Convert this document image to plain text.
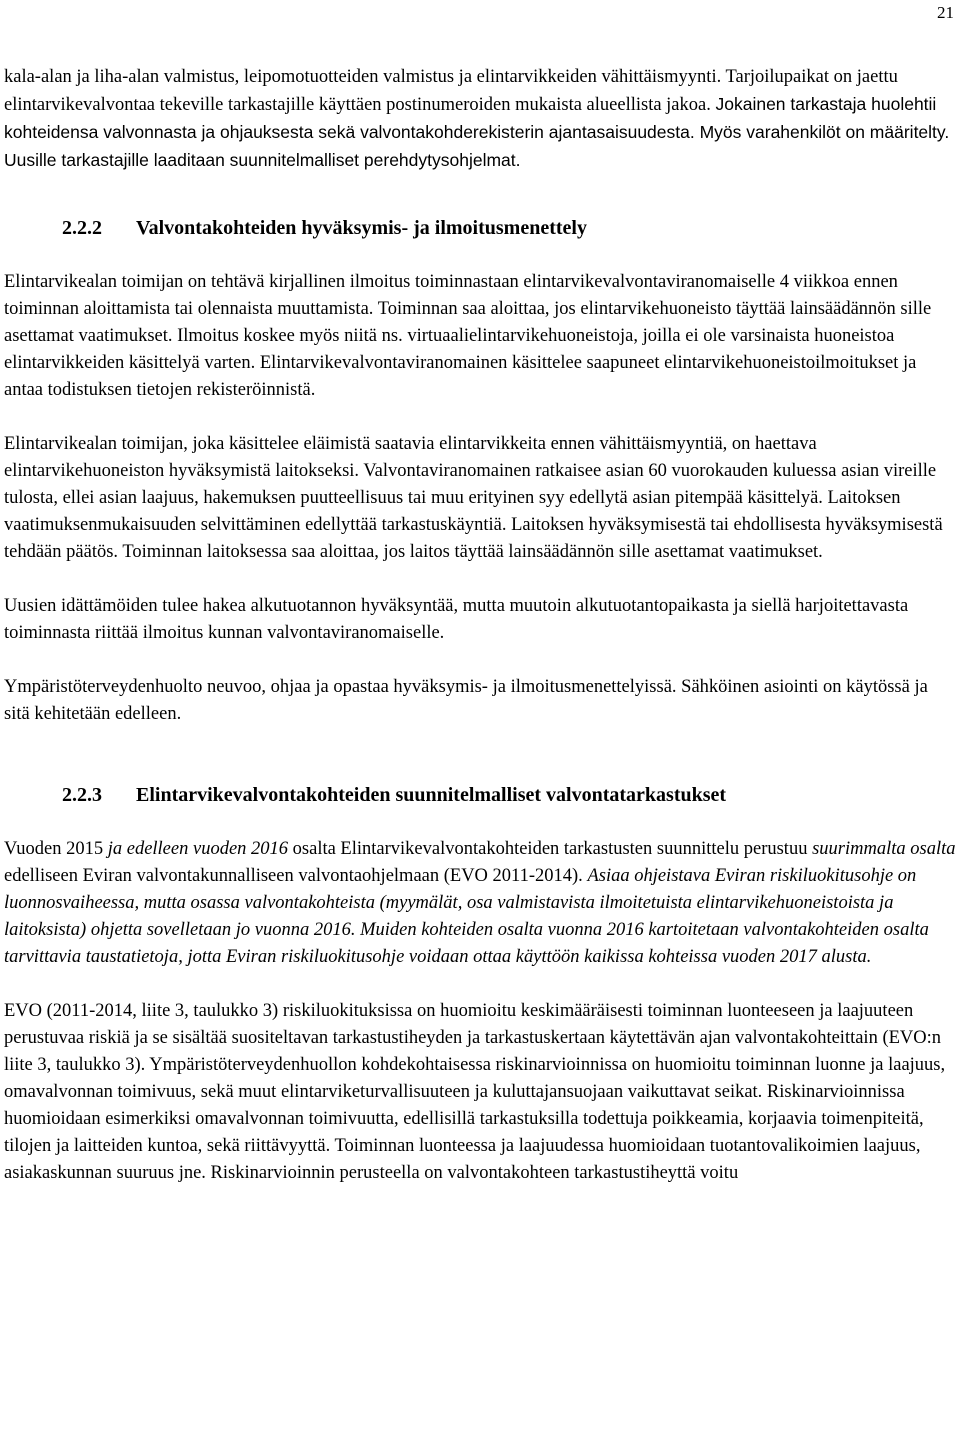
21

kala-alan ja liha-alan valmistus, leipomotuotteiden valmistus ja elintarvikkeiden vähittäismyynti. Tarjoilupaikat on jaettu elintarvikevalvontaa tekeville tarkastajille käyttäen postinumeroiden mukaista alueellista jakoa. Jokainen tarkastaja huolehtii kohteidensa valvonnasta ja ohjauksesta sekä valvontakohderekisterin ajantasaisuudesta. Myös varahenkilöt on määritelty. Uusille tarkastajille laaditaan suunnitelmalliset perehdytysohjelmat.

2.2.2 Valvontakohteiden hyväksymis- ja ilmoitusmenettely

Elintarvikealan toimijan on tehtävä kirjallinen ilmoitus toiminnastaan elintarvikevalvontaviranomaiselle 4 viikkoa ennen toiminnan aloittamista tai olennaista muuttamista. Toiminnan saa aloittaa, jos elintarvikehuoneisto täyttää lainsäädännön sille asettamat vaatimukset. Ilmoitus koskee myös niitä ns. virtuaalielintarvikehuoneistoja, joilla ei ole varsinaista huoneistoa elintarvikkeiden käsittelyä varten. Elintarvikevalvontaviranomainen käsittelee saapuneet elintarvikehuoneistoilmoitukset ja antaa todistuksen tietojen rekisteröinnistä.

Elintarvikealan toimijan, joka käsittelee eläimistä saatavia elintarvikkeita ennen vähittäismyyntiä, on haettava elintarvikehuoneiston hyväksymistä laitokseksi. Valvontaviranomainen ratkaisee asian 60 vuorokauden kuluessa asian vireille tulosta, ellei asian laajuus, hakemuksen puutteellisuus tai muu erityinen syy edellytä asian pitempää käsittelyä. Laitoksen vaatimuksenmukaisuuden selvittäminen edellyttää tarkastuskäyntiä. Laitoksen hyväksymisestä tai ehdollisesta hyväksymisestä tehdään päätös. Toiminnan laitoksessa saa aloittaa, jos laitos täyttää lainsäädännön sille asettamat vaatimukset.

Uusien idättämöiden tulee hakea alkutuotannon hyväksyntää, mutta muutoin alkutuotantopaikasta ja siellä harjoitettavasta toiminnasta riittää ilmoitus kunnan valvontaviranomaiselle.

Ympäristöterveydenhuolto neuvoo, ohjaa ja opastaa hyväksymis- ja ilmoitusmenettelyissä. Sähköinen asiointi on käytössä ja sitä kehitetään edelleen.

2.2.3 Elintarvikevalvontakohteiden suunnitelmalliset valvontatarkastukset

Vuoden 2015 ja edelleen vuoden 2016 osalta Elintarvikevalvontakohteiden tarkastusten suunnittelu perustuu suurimmalta osalta edelliseen Eviran valvontakunnalliseen valvontaohjelmaan (EVO 2011-2014). Asiaa ohjeistava Eviran riskiluokitusohje on luonnosvaiheessa, mutta osassa valvontakohteista (myymälät, osa valmistavista ilmoitetuista elintarvikehuoneistoista ja laitoksista) ohjetta sovelletaan jo vuonna 2016. Muiden kohteiden osalta vuonna 2016 kartoitetaan valvontakohteiden osalta tarvittavia taustatietoja, jotta Eviran riskiluokitusohje voidaan ottaa käyttöön kaikissa kohteissa vuoden 2017 alusta.

EVO (2011-2014, liite 3, taulukko 3) riskiluokituksissa on huomioitu keskimääräisesti toiminnan luonteeseen ja laajuuteen perustuvaa riskiä ja se sisältää suositeltavan tarkastustiheyden ja tarkastuskertaan käytettävän ajan valvontakohteittain (EVO:n liite 3, taulukko 3). Ympäristöterveydenhuollon kohdekohtaisessa riskinarvioinnissa on huomioitu toiminnan luonne ja laajuus, omavalvonnan toimivuus, sekä muut elintarviketurvallisuuteen ja kuluttajansuojaan vaikuttavat seikat. Riskinarvioinnissa huomioidaan esimerkiksi omavalvonnan toimivuutta, edellisillä tarkastuksilla todettuja poikkeamia, korjaavia toimenpiteitä, tilojen ja laitteiden kuntoa, sekä riittävyyttä. Toiminnan luonteessa ja laajuudessa huomioidaan tuotantovalikoimien laajuus, asiakaskunnan suuruus jne. Riskinarvioinnin perusteella on valvontakohteen tarkastustiheyttä voitu
